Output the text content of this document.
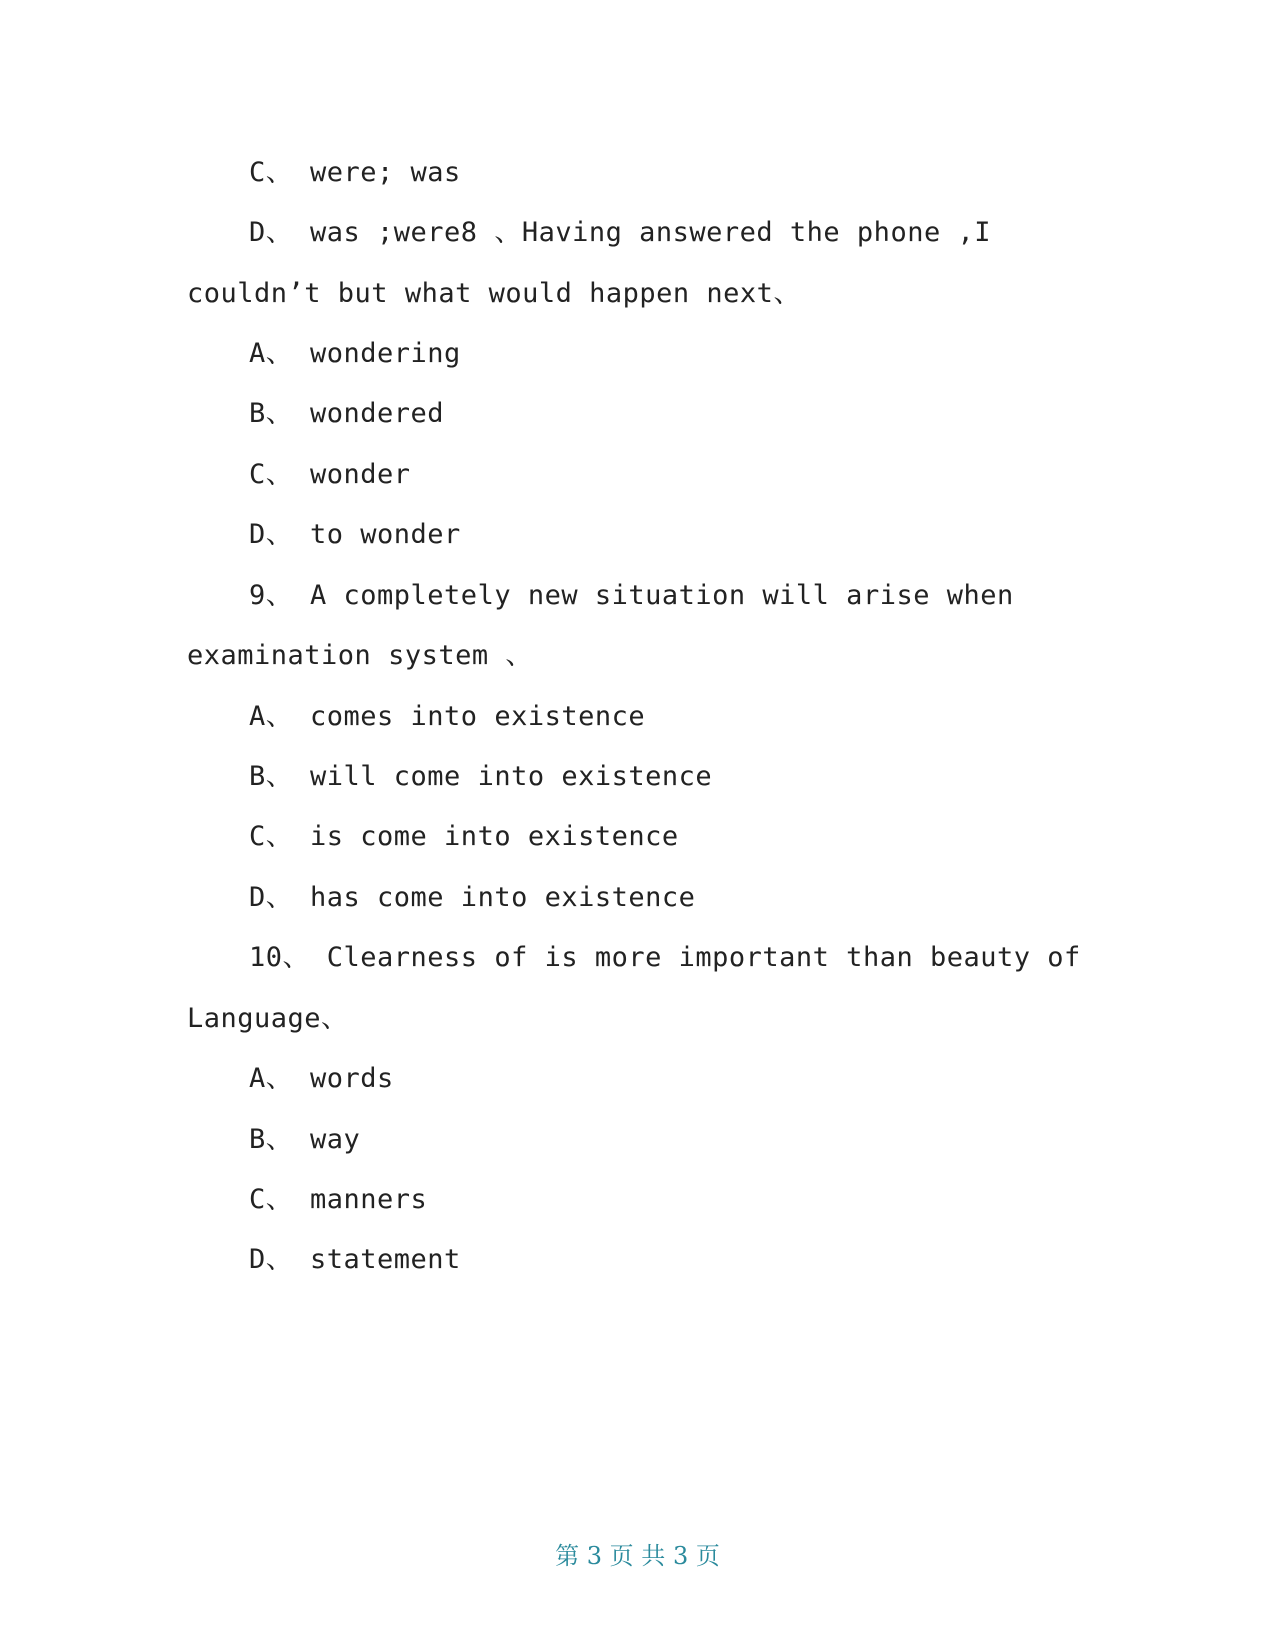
C、 were; was

D、 was ;were8 、Having answered the phone ,I

couldn’t but what would happen next、

A、 wondering

B、 wondered

C、 wonder

D、 to wonder

9、 A completely new situation will arise when

examination system 、

A、 comes into existence

B、 will come into existence

C、 is come into existence

D、 has come into existence

10、 Clearness of is more important than beauty of

Language、

A、 words

B、 way

C、 manners

D、 statement

第 3 页 共 3 页
